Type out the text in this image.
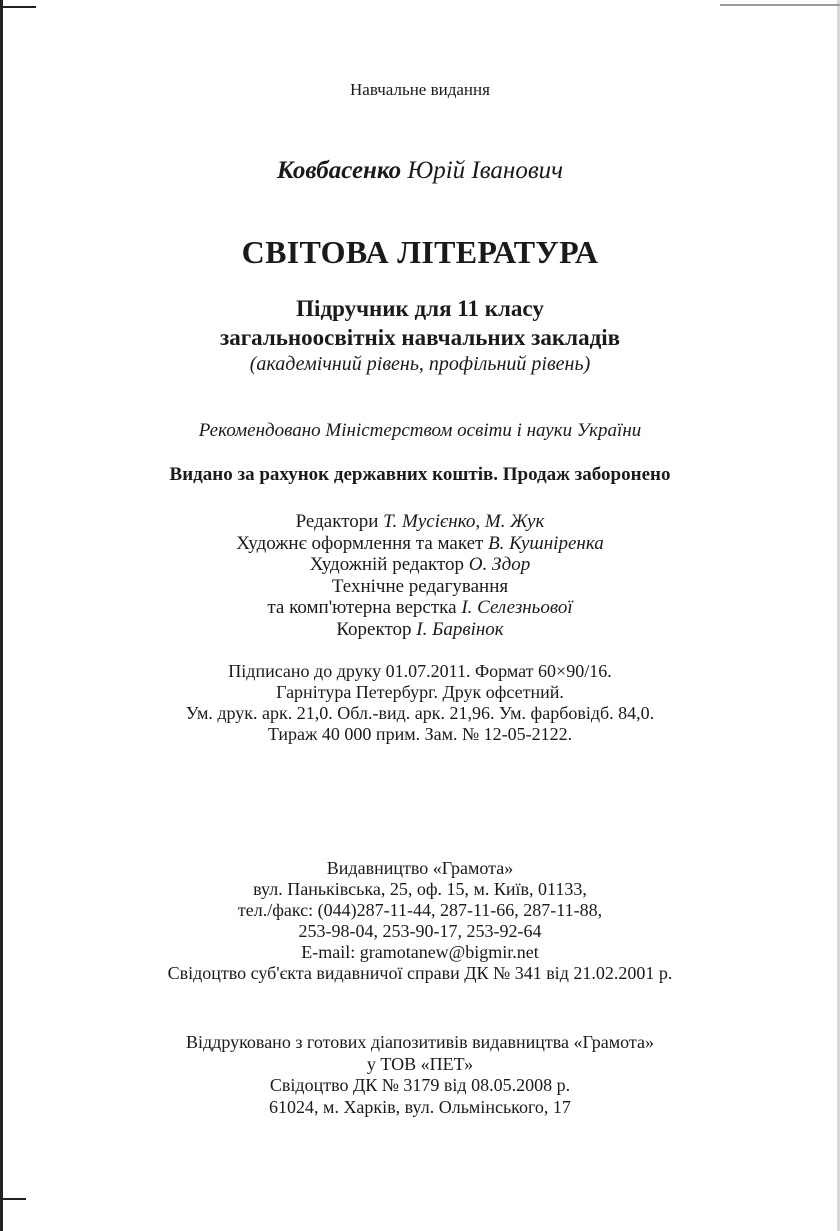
Навчальне видання
Ковбасенко Юрій Іванович
СВІТОВА ЛІТЕРАТУРА
Підручник для 11 класу
загальноосвітніх навчальних закладів
(академічний рівень, профільний рівень)
Рекомендовано Міністерством освіти і науки України
Видано за рахунок державних коштів. Продаж заборонено
Редактори Т. Мусієнко, М. Жук
Художнє оформлення та макет В. Кушніренка
Художній редактор О. Здор
Технічне редагування
та комп'ютерна верстка І. Селезньової
Коректор І. Барвінок
Підписано до друку 01.07.2011. Формат 60×90/16.
Гарнітура Петербург. Друк офсетний.
Ум. друк. арк. 21,0. Обл.-вид. арк. 21,96. Ум. фарбовідб. 84,0.
Тираж 40 000 прим. Зам. № 12-05-2122.
Видавництво «Грамота»
вул. Паньківська, 25, оф. 15, м. Київ, 01133,
тел./факс: (044)287-11-44, 287-11-66, 287-11-88,
253-98-04, 253-90-17, 253-92-64
E-mail: gramotanew@bigmir.net
Свідоцтво суб'єкта видавничої справи ДК № 341 від 21.02.2001 р.
Віддруковано з готових діапозитивів видавництва «Грамота»
у ТОВ «ПЕТ»
Свідоцтво ДК № 3179 від 08.05.2008 р.
61024, м. Харків, вул. Ольмінського, 17
